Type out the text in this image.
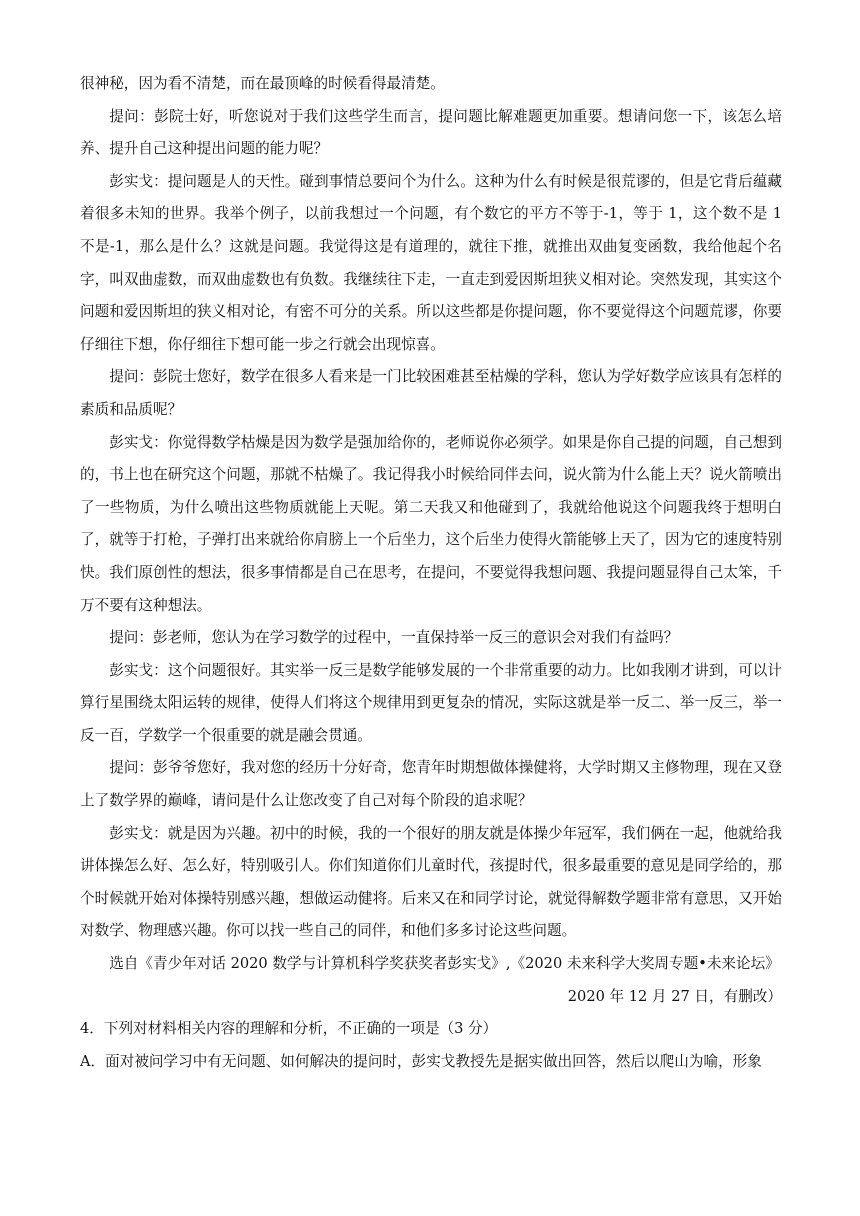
很神秘，因为看不清楚，而在最顶峰的时候看得最清楚。

提问：彭院士好，听您说对于我们这些学生而言，提问题比解难题更加重要。想请问您一下，该怎么培养、提升自己这种提出问题的能力呢？

彭实戈：提问题是人的天性。碰到事情总要问个为什么。这种为什么有时候是很荒谬的，但是它背后蕴藏着很多未知的世界。我举个例子，以前我想过一个问题，有个数它的平方不等于-1，等于 1，这个数不是 1 不是-1，那么是什么？这就是问题。我觉得这是有道理的，就往下推，就推出双曲复变函数，我给他起个名字，叫双曲虚数，而双曲虚数也有负数。我继续往下走，一直走到爱因斯坦狭义相对论。突然发现，其实这个问题和爱因斯坦的狭义相对论，有密不可分的关系。所以这些都是你提问题，你不要觉得这个问题荒谬，你要仔细往下想，你仔细往下想可能一步之行就会出现惊喜。

提问：彭院士您好，数学在很多人看来是一门比较困难甚至枯燥的学科，您认为学好数学应该具有怎样的素质和品质呢？

彭实戈：你觉得数学枯燥是因为数学是强加给你的，老师说你必须学。如果是你自己提的问题，自己想到的，书上也在研究这个问题，那就不枯燥了。我记得我小时候给同伴去问，说火箭为什么能上天？说火箭喷出了一些物质，为什么喷出这些物质就能上天呢。第二天我又和他碰到了，我就给他说这个问题我终于想明白了，就等于打枪，子弹打出来就给你肩膀上一个后坐力，这个后坐力使得火箭能够上天了，因为它的速度特别快。我们原创性的想法，很多事情都是自己在思考，在提问，不要觉得我想问题、我提问题显得自己太笨，千万不要有这种想法。

提问：彭老师，您认为在学习数学的过程中，一直保持举一反三的意识会对我们有益吗？

彭实戈：这个问题很好。其实举一反三是数学能够发展的一个非常重要的动力。比如我刚才讲到，可以计算行星围绕太阳运转的规律，使得人们将这个规律用到更复杂的情况，实际这就是举一反二、举一反三，举一反一百，学数学一个很重要的就是融会贯通。

提问：彭爷爷您好，我对您的经历十分好奇，您青年时期想做体操健将，大学时期又主修物理，现在又登上了数学界的巅峰，请问是什么让您改变了自己对每个阶段的追求呢？

彭实戈：就是因为兴趣。初中的时候，我的一个很好的朋友就是体操少年冠军，我们俩在一起，他就给我讲体操怎么好、怎么好，特别吸引人。你们知道你们儿童时代，孩提时代，很多最重要的意见是同学给的，那个时候就开始对体操特别感兴趣，想做运动健将。后来又在和同学讨论，就觉得解数学题非常有意思，又开始对数学、物理感兴趣。你可以找一些自己的同伴，和他们多多讨论这些问题。

选自《青少年对话 2020 数学与计算机科学奖获奖者彭实戈》,《2020 未来科学大奖周专题•未来论坛》

2020 年 12 月 27 日，有删改）

4．下列对材料相关内容的理解和分析，不正确的一项是（3 分）

A．面对被问学习中有无问题、如何解决的提问时，彭实戈教授先是据实做出回答，然后以爬山为喻，形象
